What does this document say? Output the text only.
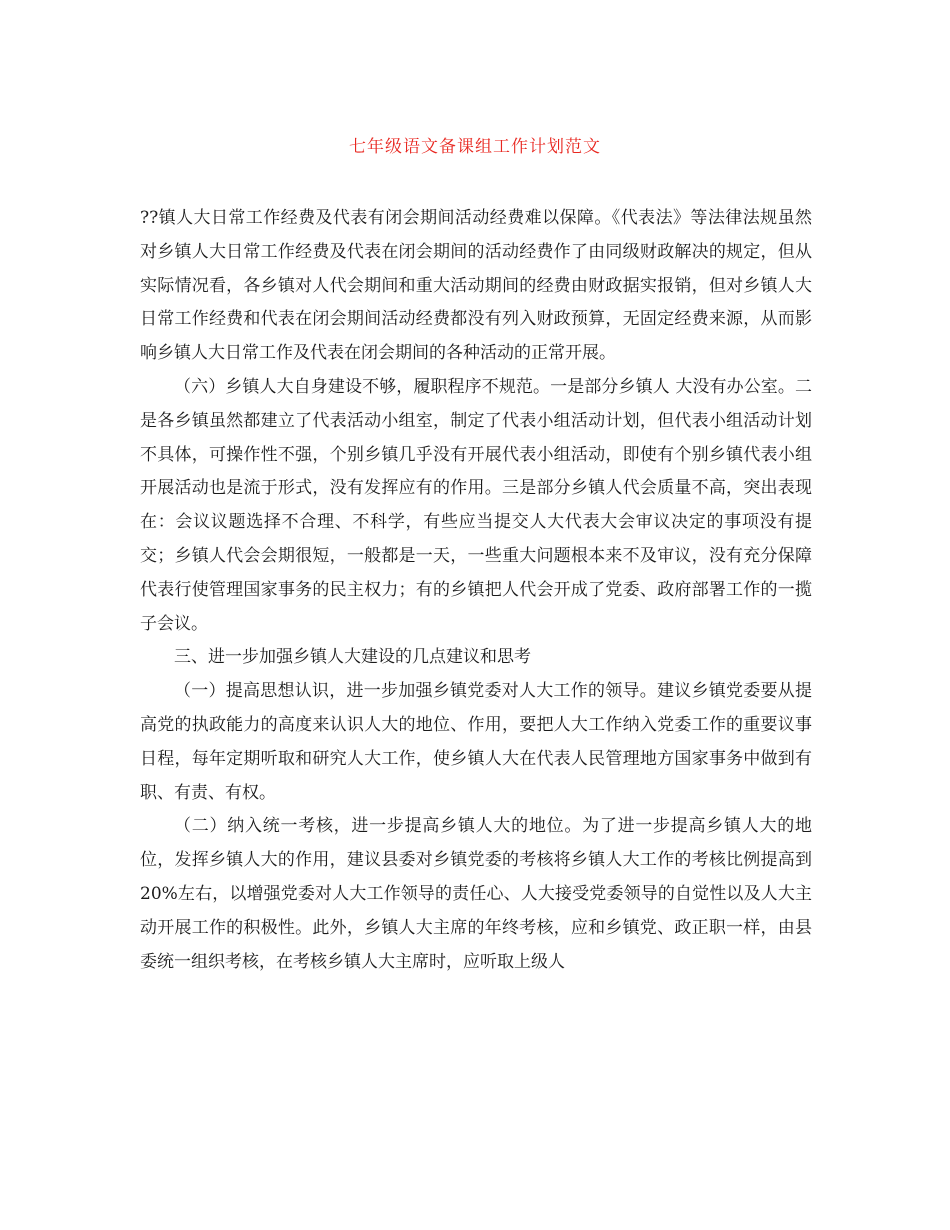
七年级语文备课组工作计划范文

??镇人大日常工作经费及代表有闭会期间活动经费难以保障。《代表法》等法律法规虽然对乡镇人大日常工作经费及代表在闭会期间的活动经费作了由同级财政解决的规定，但从实际情况看，各乡镇对人代会期间和重大活动期间的经费由财政据实报销，但对乡镇人大日常工作经费和代表在闭会期间活动经费都没有列入财政预算，无固定经费来源，从而影响乡镇人大日常工作及代表在闭会期间的各种活动的正常开展。

（六）乡镇人大自身建设不够，履职程序不规范。一是部分乡镇人 大没有办公室。二是各乡镇虽然都建立了代表活动小组室，制定了代表小组活动计划，但代表小组活动计划不具体，可操作性不强，个别乡镇几乎没有开展代表小组活动，即使有个别乡镇代表小组开展活动也是流于形式，没有发挥应有的作用。三是部分乡镇人代会质量不高，突出表现在：会议议题选择不合理、不科学，有些应当提交人大代表大会审议决定的事项没有提交；乡镇人代会会期很短，一般都是一天，一些重大问题根本来不及审议，没有充分保障代表行使管理国家事务的民主权力；有的乡镇把人代会开成了党委、政府部署工作的一揽子会议。

三、进一步加强乡镇人大建设的几点建议和思考

（一）提高思想认识，进一步加强乡镇党委对人大工作的领导。建议乡镇党委要从提高党的执政能力的高度来认识人大的地位、作用，要把人大工作纳入党委工作的重要议事日程，每年定期听取和研究人大工作，使乡镇人大在代表人民管理地方国家事务中做到有职、有责、有权。

（二）纳入统一考核，进一步提高乡镇人大的地位。为了进一步提高乡镇人大的地位，发挥乡镇人大的作用，建议县委对乡镇党委的考核将乡镇人大工作的考核比例提高到20%左右，以增强党委对人大工作领导的责任心、人大接受党委领导的自觉性以及人大主动开展工作的积极性。此外，乡镇人大主席的年终考核，应和乡镇党、政正职一样，由县委统一组织考核，在考核乡镇人大主席时，应听取上级人
